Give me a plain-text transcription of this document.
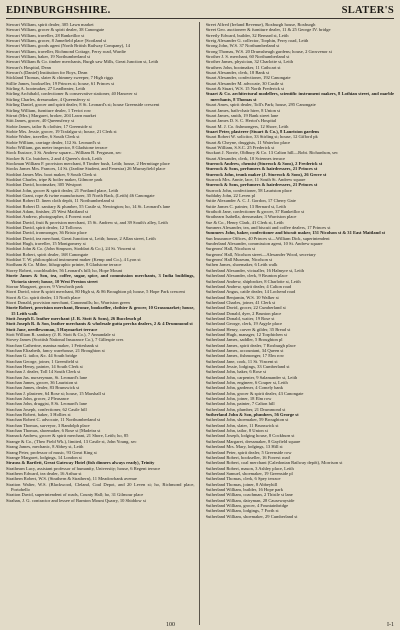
EDINBURGHSHIRE.	SLATER'S

Stewart William, spirit dealer, 305 Lawn market

Stewart William, grocer & spirit dealer, 38 Canongate

Stewart William, traveller, 28 Rankeillor st

Stewart William, grocer, 8 Jamefield place [Scotland st

Stewart William, goods agent (North British Railway Company), 14

Stewart William, traveller, Richmond Cottage, Ferry road, Wardie

Stewart William, baker, 19 Northumberland st

Stewart William & Co. timber merchants, Burgh saw Mills, Great Junction st, Leith

Stewart's Hospital, Dean

Stewart's (Daniel) Institution for Boys, Dean

Stickland Thomas, slater & chimney sweeper, 7 High riggs

Stillie James, bookseller, 19 Princes st; house, 61 Princes st

Stirling A. bootmaker, 27 Leadbeater, Leith

Stirling Archibald, confectioner & conservative stationer, 40 Hanover st

Stirling Charles, dressmaker, 4 Queensferry st

Stirling Daniel, grocer and spirit dealer, 8 St. Leonard's st; house Greenside crescent

Stirling William, furniture dealer, 1 Teviot row

Stirrat (Mrs.) Margaret, broker, 204 Lawn market

Stitt James, grocer, 40 Queensferry st

Stobie James, tailor & clothier, 17 Greenside st

Stobie Mrs. Jessie, grocer, 19 Trafalgar st; house, 21 Clerk st

Stobie Walter, traveller, 6 South Clerk st

Stobie William, carriage dealer, 112 St. Leonard's st

Stobo William, gas meter inspector, 8 Gladstone terrace

Stock Eustace, 3 St. Andrew square—William B. Ferguson, sec

Stocker & Co. butchers, 2 and 4 Queen's dock, Leith

Stockman William F. provision merchant, 8 Timber bush, Leith; house, 2 Hermitage place

Stocks James Mrs. Frances, 14 St. (Jardine Student, and Fenestra) 26 Murrayfield place

Stoddart James Mrs. boot maker, 9 South Clerk st

Stoddart Charles, tripe & boiler maker, Gilmore park

Stoddart David, bootmaker, 305 Westport

Stoddart John, grocer & spirit dealer, 21 Portland place, Leith

Stoddart Grant, rope & twine manufacturer, 35 North Back, (Leith) 46 Canongate

Stoddart Robert D. linen cloth depôt, 11 Northumberland st

Stoddart Robert D. sanitary & plumber, 55 Castle st, Newington; ho, 14 St. Leonard's lane

Stoddart Adam, finisher, 25 West Maitland st

Stoddart Andrew, photographer, 4 Forrest road

Stoddart David, fruit & provision merchant, 15 St. Andrew st, and 39 South's alley, Leith

Stoddart David, spirit dealer, 12 Tollcross

Stoddart David, ironmonger, 36 Bristo place

Stoddart David, tea merchant, Great Junction st, Leith; house, 2 Allan street, Leith

Stoddart Hugh, traveller, 15 Montgomery st

Stoddart John & Co. (John Simpson, Stoddart & Co.), 24 St. Vincent st

Stoddart Robert, spirit dealer, 168 Canongate

Stoddart T. W. philosophical instrument maker (Kemp and Co.), 4 Lyon st

Stodham & Co. Milne, lithographic printer, 8 Gladstone terrace

Storey Robert, coachbuilder, 56 Leonard's hill; ho, Hope Mount

Storie James & Son, tea, coffee, sugar, spice, and commission merchants, 3 India buildings, Victoria street; house, 10 West Preston street

Storrar Margaret, grocer, 9 Viewforth park

Storri David, wine & spirit merchant, 80 High st, & 86 Broughton pl; house, 5 Hope Park crescent

Storri & Co. spirit dealer, 13 North place

Storri Donald, provision merchant, Canonmills; ho, Warriston green

Storie Robert, provision merchant, Bronze, bookseller, clothier & grocer, 10 Grassmarket; house, 15 Leith walk

Stott Joseph E. leather merchant (J. R. Stott & Sons), 26 Buccleuch pl

Stott Joseph R. & Son, leather merchants & wholesale gutta percha dealers, 2 & 4 Drummond st

Stott Jane, needlewoman, 3 Haymarket terrace

Stott William R. sanitary (J. R. Stott & Co.), 7 Annandale st

Stovey James (Scottish National Insurance Co.), 7 Gillespie cres

Strachan Catherine, mantua maker, 1 Fettesbank st

Strachan Elizabeth, fancy warehouse, 21 Broughton st

Strachan G. tailor, &c. 44 South bridge

Strachan George, joiner, 1 Greenfield st

Strachan Henry, painter, 14 South Clerk st

Strachan J. dealer, Toll 14 South Clerk st

Strachan Jas. nurseryman, St. Leonard's lane

Strachan James, grocer, 36 Lauriston st

Strachan James, dealer, 83 Brunswick st

Strachan J. plasterer, 64 Rose st; house, 15 Marshall st

Strachan John, grocer, 2 Pleasance

Strachan John, druggist, 8 St. Leonard's lane

Strachan Joseph, confectioner, 62 Castle hill

Strachan Robert, baker, 3 Hollies st

Strachan Robert C. advocate, 11 Northumberland st

Strachan Thomas, surveyor, 3 Randolph place

Strachan Thomas, shoemaker, 6 Rose st [Madeira st

Stranack Andrew, grocer & spirit merchant, 21 Shore, Leith; ho, 85

Strange & Co., (Theo Field Wk.), limited, 13 Castle st, John Young, sec

Strang James, mechanic, 8 Abbey st, Leith

Strang Peter, professor of music, 93 Great King st

Strange Margaret, lodgings, 14 London st

Strauss & Bartlett, Great Gateway Hotel (fish dinners always ready), Trinity

Strathearn Lucy, assistant professor of humanity, University; house, 6 Regent terrace

Strathern Edward, tea dealer, 16 Arthur st

Strathern Robert, W.S. (Strathern & Strathern), 11 Meadowbank avenue

Stratton Walter, W.S. (Blackwood, Cleland, Coal Depot, and 20 Leven st; ho, Richmond place, Portobello

Stratton David, superintendent of roads, County Hall; ho, 31 Gilmour place

Strahan, J. G. contractor and lessee of Barnton Mount Quarry, 10 Shiddow st

Street Alfred (Ireland Revenue), Roxburgh house, Roxburgh

Street Geo. auctioneer & furniture dealer, 11 & 25 George IV. bridge

Streetly Edward, builder, 32 Bernard st, Leith

Streig Alexander G. collector, Torphin, Ferry road, Leith

Strong John, W.S. 37 Northumberland st

Strong Thomas, W.S. 20 Drumsheugh gardens; house, 2 Grosvenor st

Strother J. S. merchant, 60 Northumberland st

Strother James, physician, 32 Charlotte st, Leith

Struthers John, bootmaker, 11 Cathcart st

Stuart Alexander, clerk, 18 Bank st

Stuart Alexander, confectioner, 192 Canongate

Stuart Alexander M. advocate, 30 Castle st

Stuart & Stuart, W.S. 15 North Frederick st

Stuart & Co. architectural modellers, scientific instrument makers, 8 Lothian street, and marble merchants, 8 Thomas st

Stuart Ames, spirit dealer, Toll's Park; house, 295 Canongate

Stuart James, bath-chair hirer, 8 Union st

Stuart James, smith, 19 Bank street lane

Stuart James D. S. C. Heriot's Hospital

Stuart M. J. Co. fishmongers, 12 Shore, Leith

Stuart Peter, plasterer (Stuart & Co.), 8 Lauriston gardens

Stuart Robert W. solicitor, 33 Stirling st; house, 12 Gifford pk

Stuart & Cheyne, druggists, 11 Waterloo place

Stuart William, S.S.C. 25 Frederick st

Stuckart J. Norrie, Oldbury & Co. 13 Calton hill—Robt. Richardson, sec

Stuart Alexander, clerk, 10 Sciennes terrace

Sturrock Andrew, chemist (Sturrock & Sons), 2 Frederick st

Sturrock & Sons, perfumers & hairdressers, 21 Princes st

Sturrock John, trunk maker (J. Sturrock & Sons), 26 Grove st

Sturrock Mrs. Annie, lace, 11 South St. Andrew square

Sturrock & Sons, perfumers & hairdressers, 21 Princes st

Sturrock John, confectioner, 58 Lauriston place

Suddaby John, 22 Leven pl

Suttie Alexander A. C. J. Gordon, 17 Cherry Gate

Suttie James C. painter, 13 Bernard st, Leith

Strathoft Jane, confectioner & grocer, 37 Rankeillor st

Strathearn Isabella, dressmaker, 3 Warriston place

Sue & Co., Henry Clark, 41 Clerk st, Leith

Sumners Alexander, tea, and biscuit and coffee dealers, 17 Princes st

Summers John, baker, confectioner and biscuit maker, 151 Nicolson st & 31 East Maitland st

Sun Insurance Offices, 40 Princes st—William Dick, superintendent

Sunderland Alexander, commission agent, 10 St. Andrew square

Surgeons' Hall, Nicolson st

Surgeons' Hall, Nicolson street—Alexander Wood, secretary

Surgeons' Hall Museum, Nicolson st

Suthen James, shoemaker, 6 Leith walk

Sutherland Alexander, victualler, 16 Halmyre st, Leith

Sutherland Alexander, clerk, 9 Brunton place

Sutherland Andrew, shipbroker, 8 Charlotte st, Leith

Sutherland Andrew, spirit dealer, 4 Calton road

Sutherland Angus, cattle dealer, 14 Lochend road

Sutherland Benjamin, W.S. 10 Walker st

Sutherland Charles, joiner, 41 Clerk st

Sutherland David, grocer, 22 Cumberland st

Sutherland Donald, dyer, 2 Brunton place

Sutherland Donald, waiter, 19 Rose st

Sutherland George, clerk, 19 Argyle place

Sutherland Henry, carver & gilder, 35 Bread st

Sutherland Hugh, manager, 12 Torphichen st

Sutherland James, saddler, 5 Broughton pl

Sutherland James, spirit dealer, 7 Roxburgh place

Sutherland James, accountant, 34 Queen st

Sutherland James, fishmonger, 17 Elm row

Sutherland Jane, cook, 11 St. Vincent st

Sutherland Jessie, lodgings, 33 Cumberland st

Sutherland John, baker, 6 Rose st

Sutherland John, carpenter, 9 Salamander st, Leith

Sutherland John, engineer, 6 Couper st, Leith

Sutherland John, gardener, 4 Comely bank

Sutherland John, grocer & spirit dealer, 43 Canongate

Sutherland John, joiner, 18 Elm row

Sutherland John, painter, 7 Calton hill

Sutherland John, plumber, 21 Drummond st

Sutherland John & Son, plumbers, 56 George st

Sutherland John, shoemaker, 59 Broughton st

Sutherland John, slater, 11 Brunswick st

Sutherland John, tailor, 8 Union st

Sutherland Joseph, lodging house, 8 Cockburn st

Sutherland Margaret, dressmaker, 8 Gayfield square

Sutherland Mrs. Mary, lodgings, 13 Hill st

Sutherland Peter, spirit dealer, 5 Greenside row

Sutherland Robert, bookseller, 16 Forrest road

Sutherland Robert, coal merchant (Caledonian Railway depôt), Morrison st

Sutherland Robert, mason, 3 Ashley place, Leith

Sutherland Samuel, shoemaker, 19 Greenside pl

Sutherland Thomas, clerk, 6 Spey terrace

Sutherland Thomas, joiner, 8 Abbeyhill

Sutherland William, builder, 16 Hope park

Sutherland William, coachman, 2 Thistle st lane

Sutherland William, dairyman, 28 Causewayside

Sutherland William, grocer, 4 Fountainbridge

Sutherland William, lodgings, 7 Forth st

Sutherland William, shoemaker, 29 Cumberland st

100	I-1
